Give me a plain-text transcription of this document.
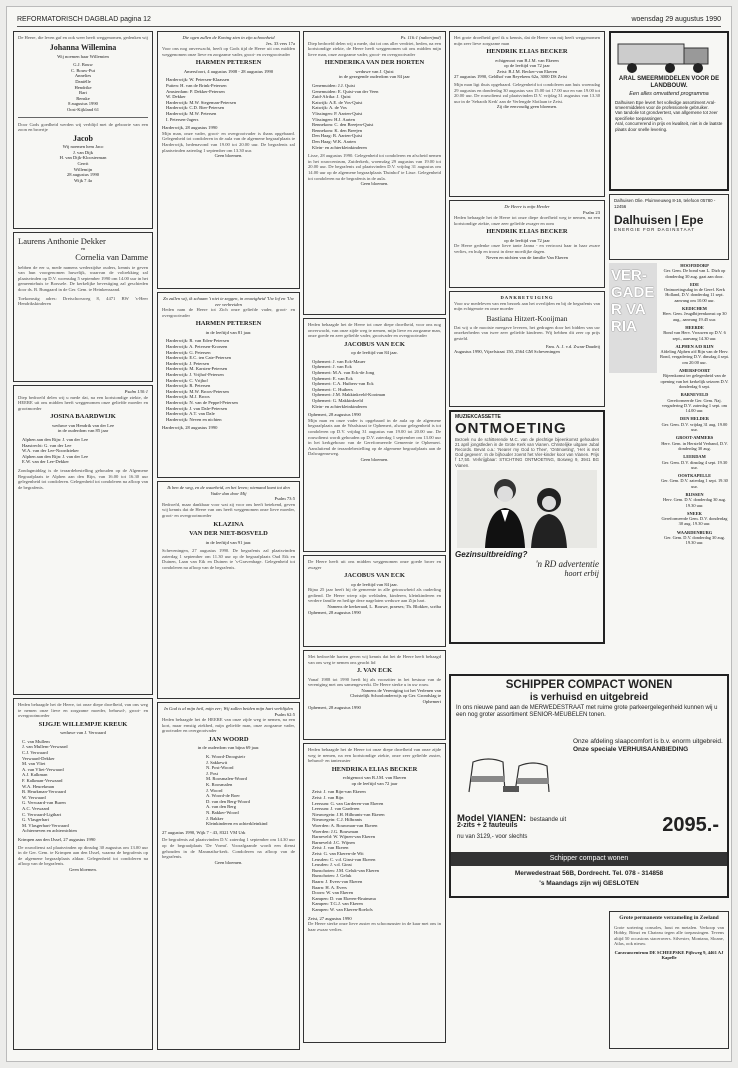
REFORMATORISCH DAGBLAD pagina 12	woensdag 29 augustus 1990
De Heere, die leven gaf en ook weer heeft weggenomen, gedenken wij
Johanna Willemina
Wij noemen haar Willemien
G.J. Bouw
C. Bouw-Put
Annelies
Daniëlle
Hendrike
Bart
Renske
8 augustus 1990
Oost-Kijkland 61
Door Gods goedheid werden wij verblijd met de geboorte van een zoon en broertje
Jacob
Wij noemen hem Jaco
J. van Dijk
H. van Dijk-Kloosterman
Gerrit
Willemijn
28 augustus 1990
Wijk 7 4a
Laurens Anthonie Dekker
en
Cornelia van Damme
hebben de eer u, mede namens wederzijdse ouders, kennis te geven van hun voorgenomen huwelijk, waarvan de voltrekking zal plaatsvinden op D.V. woensdag 5 september 1990 om 14.00 uur in het gemeentehuis te Borssele. De kerkelijke bevestiging zal geschieden door ds. B. Bungaard in de Ger. Gem. te Heinkenszand.
Toekomstig adres: Dreischorsweg 8, 4471 BW 's-Heer Hendrikskinderen
Psalm 130:1
Diep bedroefd delen wij u mede dat, na een kortstondige ziekte, de HEERE uit ons midden heeft weggenomen onze geliefde moeder en grootmoeder
JOSINA BAARDWIJK
weduwe van Hendrik van der Lee
in de ouderdom van 85 jaar
Alphen aan den Rijn: J. van der Lee
Haastrecht: G. van der Lee
W.A. van der Lee-Noordzieker
Alphen aan den Rijn: J. van der Lee
E.W. van der Lee-Dekker
Zondagmiddag is de teraardebestelling gehouden op de Algemene Begraafplaats te Alphen aan den Rijn, van 16.00 tot 16.30 uur gelegenheid tot condoleren. Gelegenheid tot condoleren na afloop van de begrafenis.
Heden behaagde het de Heere, tot onze diepe droefheid, van ons weg te nemen onze lieve en zorgzame moeder, behuwd-, groot- en overgrootmoeder
SIJGJE WILLEMPJE KREUK
weduwe van J. Verwaard
C. van Mullem
J. van Mullem-Verwaard
C.J. Verwaard
Verwaard-Dekker
M. van Vliet
A. van Vliet-Verwaard
A.J. Kalkman
F. Kalkman-Verwaard
W.A. Heurekman
B. Heurkman-Verwaard
W. Verwaard
G. Verwaard-van Buren
A.C. Verwaard
C. Verwaard-Ligthart
G. Vlasgerhart
M. Vlasgerhart-Verwaard
Achterneven en achternichten
Krimpen aan den IJssel, 27 augustus 1990
De rouwdienst zal plaatsvinden op dinsdag 30 augustus om 13.00 uur in de Ger. Gem. te Krimpen aan den IJssel, waarna de begrafenis op de algemene begraafplaats aldaar. Gelegenheid tot condoleren na afloop van de begrafenis.
Geen bloemen.
Die ogen zullen de Koning zien in zijn schoonheid
Jes. 33 vers 17a
Voor ons nog onverwacht, heeft op Gods tijd de Heere uit ons midden weggenomen onze lieve en zorgzame vader, groot- en overgrootvader
HARMEN PETERSEN
Amersfoort, 4 augustus 1908 - 28 augustus 1990
Harderwijk: W. Petersen-Klaassen
Putten: H. van de Brink-Petersen
Amsterdam: P. Dekker-Petersen
W. Dekker
Harderwijk: M.W. Stegeman-Petersen
Harderwijk: C.D. Bier-Petersen
Harderwijk: M.W. Petersen
I. Petersen-Jagers
Harderwijk, 28 augustus 1990
Mijn man, onze vader, groot- en overgrootvader is thans opgebaard. Gelegenheid tot condoleren in de aula van de algemene begraafplaats te Harderwijk, hedenavond van 19.00 tot 20.00 uur. De begrafenis zal plaatsvinden zaterdag 1 september om 13.30 uur.
Geen bloemen.
Zo zullen wij, ik schaam 't niet te zeggen, in eeuwigheid 'Uw lof en 'Uw eer verbreiden
Heden nam de Heere tot Zich onze geliefde vader, groot- en overgrootvader
HARMEN PETERSEN
in de leeftijd van 81 jaar.
Harderwijk: R. van Eden-Petersen
Harderwijk: A. Petersen-Kroezen
Harderwijk: G. Petersen
Harderwijk: E.C. ten Cate-Petersen
Harderwijk: J. Petersen
Harderwijk: M. Karsten-Petersen
Harderwijk: J. Vrijhof-Petersen
Harderwijk: C. Vrijhof
Harderwijk: R. Petersen
Harderwijk: M.W. Broos-Petersen
Harderwijk: M.J. Broos
Harderwijk: N. van de Peppel-Petersen
Harderwijk: J. van Dale-Petersen
Harderwijk: A.T. van Dale
Harderwijk: Neven en nichten
Harderwijk, 28 augustus 1990
Ik ben de weg, en de waarheid, en het leven; niemand komt tot den Vader dan door Mij
Psalm 73:5
Bedroefd, maar dankbaar voor wat zij voor ons heeft betekend, geven wij kennis dat de Heere van ons heeft weggenomen onze lieve moeder, groot- en overgrootmoeder
KLAZINA
VAN DER NIET-BOSVELD
in de leeftijd van 91 jaar.
Scheveningen, 27 augustus 1990. De begrafenis zal plaatsvinden zaterdag 1 september om 11.30 uur op de begraafplaats Oud Eik en Duinen, Laan van Eik en Duinen te 's-Gravenhage. Gelegenheid tot condoleren na afloop van de begrafenis.
In God is al mijn heil, mijn eer; Wij zullen beiden mijn hart verblijden
Psalm 62:5
Heden behaagde het de HEERE van onze zijde weg te nemen, na een kort, maar ernstig ziekbed, mijn geliefde man, onze zorgzame vader, grootvader en overgrootvader
JAN WOORD
in de ouderdom van bijna 69 jaar.
K. Woord-Droogsteir
J. Sakkewit
N. Post-Woord
J. Post
M. Roosmalen-Woord
K. Roosmalen
J. Woord
A. Woord-de Boer
D. van den Berg-Woord
A. van den Berg
N. Bakker-Woord
J. Bakker
Kleinkinderen en achterkleinkind
27 augustus 1990, Wijk 7 - 43, 8321 VM Urk
De begrafenis zal plaatsvinden D.V. zaterdag 1 september om 14.30 uur op de begraafplaats 'De Vormt'. Voorafgaande wordt een dienst gehouden in de Maranatha-kerk. Condoleren na afloop van de begrafenis.
Geen bloemen.
Ps. 116:1 (naberijmd)
Diep bedroefd delen wij u mede, dat tot ons aller verdriet, heden, na een kortstondige ziekte, de Heere heeft weggenomen uit ons midden mijn lieve man, onze zorgzame vader, groot- en overgrootvader
HENDERIKA VAN DER HORTEN
weduwe van J. Quist
in de gezegende ouderdom van 84 jaar
Genemuiden: J.J. Quist
Genemuiden: E. Quist-van der Veen
Zuid-Afrika: J. Quist
Katwijk: A.E. de Vos-Quist
Katwijk: A. de Vos
Vlissingen: P. Aarten-Quist
Vlissingen: H.J. Aarten
Bennekom: C. den Breejen-Quist
Bennekom: K. den Breejen
Den Haag: B. Aarten-Quist
Den Haag: W.K. Aarten
Klein- en achterkleinkinderen
Lisse, 28 augustus 1990. Gelegenheid tot condoleren en afscheid nemen in het rouwcentrum, Zuiderkerk, woensdag 29 augustus van 19.00 tot 20.00 uur. De begrafenis zal plaatsvinden D.V. vrijdag 31 augustus om 14.00 uur op de algemene begraafplaats 'Duinhof' te Lisse. Gelegenheid tot condoleren na de begrafenis in de aula.
Geen bloemen.
Heden behaagde het de Heere tot onze diepe droefheid, voor ons nog onverwacht, van onze zijde weg te nemen, mijn lieve en zorgzame man, onze goede en zeer geliefde vader, grootvader en overgrootvader
JACOBUS VAN ECK
op de leeftijd van 84 jaar.
Ophemert: J. van Eck-Mauer
Ophemert: J. van Eck
Ophemert: M.A. van Eck-de Jong
Ophemert: E. van Eck
Ophemert: C.A. Huibers-van Eck
Ophemert: C. Huibers
Ophemert: J.M. Makkinkveld-Kooiman
Ophemert: G. Makkinkveld
Klein- en achterkleinkinderen
Ophemert, 28 augustus 1990
Mijn man en onze vader is opgebaard in de aula op de algemene begraafplaats aan de Waalstraat te Ophemert, alwaar gelegenheid is tot condoleren op D.V. vrijdag 31 augustus van 19.00 tot 20.00 uur. De rouwdienst wordt gehouden op D.V. zaterdag 1 september om 13.00 uur in het kerkgebouw van de Gereformeerde Gemeente te Ophemert. Aansluitend de teraardebestelling op de algemene begraafplaats aan de Dalwagenseweg.
Geen bloemen.
De Heere heeft uit ons midden weggenomen onze goede broer en zwager
JACOBUS VAN ECK
op de leeftijd van 84 jaar.
Bijna 25 jaar heeft hij de gemeente in alle getrouwheid als ouderling gediend. De Heere wierp zijn weldaden, kinderen, kleinkinderen en verdere familie en heilige deze nagelaten weduwe aan Zijn hart.
Namens de kerkeraad, L. Bouwe, praeses; Th. Blokker, scriba
Ophemert, 28 augustus 1990
Met bedroefde harten geven wij kennis dat het de Heere heeft behaagd van ons weg te nemen ons geacht lid
J. VAN ECK
Vanaf 1988 tot 1990 heeft hij als voorzitter in het bestuur van de vereniging met ons samengewerkt. De Heere sterke u in uw rouw.
Namens de Vereniging tot het Verlenen van Christelijk Schoolonderwijs op Ger. Grondslag te Ophemert
Ophemert, 28 augustus 1990
Heden behaagde het de Heere tot onze diepe droefheid van onze zijde weg te nemen, na een kortstondige ziekte, onze zeer geliefde zuster, behuwd- en tantezuster
HENDRIKA ELIAS BECKER
echtgenoot van B.J.M. van Ekeren
op de leeftijd van 72 jaar
Zeist: J. van Rijn-van Ekeren
Zeist: J. van Rijn
Leersum: G. van Garderen-van Ekeren
Leersum: J. van Garderen
Nieuwegein: J.H. Hilbrants-van Ekeren
Nieuwegein: C.J. Hilbrants
Woerden: A. Bouwman-van Ekeren
Woerden: J.G. Bouwman
Barneveld: W. Wijnen-van Ekeren
Barneveld: J.C. Wijnen
Zeist: J. van Ekeren
Zeist: G. van Ekeren-de Wit
Leusden: C. v.d. Ginst-van Ekeren
Leusden: J. v.d. Ginst
Bunschoten: J.M. Geluk-van Ekeren
Bunschoten: J. Geluk
Baarn: J. Evers-van Ekeren
Baarn: H. A. Evers
Doorn: W. van Ekeren
Kampen: D. van Ekeren-Bruinsma
Kampen: T.G.J. van Ekeren
Kampen: W. van Ekeren-Roelofs
Zeist, 27 augustus 1990
De Heere sterke onze lieve zuster en schoonzuster in de kaar met ons in haar zwaar verlies.
Het grote droefheid geef ik u kennis, dat de Heere van mij heeft weggenomen mijn zeer lieve zorgzame man
HENDRIK ELIAS BECKER
echtgenoot van B.J.M. van Ekeren
op de leeftijd van 72 jaar
Zeist: B.J.M. Becker-van Ekeren
27 augustus 1990, Geldhof van Reyekens 62a, 3000 DS Zeist
Mijn man ligt thuis opgebaard. Gelegenheid tot condoleren aan huis woensdag 29 augustus en donderdag 30 augustus van 15.00 tot 17.00 uur en van 19.00 tot 20.00 uur. De rouwdienst zal plaatsvinden D.V. vrijdag 31 augustus van 13.30 uur in de 'Sebaoth Kerk' aan de Verlengde Slotlaan te Zeist.
Zij die eenvoudig geen bloemen.
De Heere is mijn Herder
Psalm 23
Heden behaagde het de Heere tot onze diepe droefheid weg te nemen, na een kortstondige ziekte, onze zeer geliefde zwager en oom
HENDRIK ELIAS BECKER
op de leeftijd van 72 jaar
De Heere gedenke onze lieve tante Janna - en vertroost haar in haar zware verlies, en hulp en troost in deze moeilijke dagen.
Neven en nichten van de familie Van Ekeren
DANKBETUIGING
Voor uw medeleven van een bezoek aan het overlijden en bij de begrafenis van mijn echtgenote en onze moeder
Bastiana Hitzert-Kooijman
Dat wij u de mooiste meegave leveren, het gedragen door het bidden van uw onzekerheden van twee zeer geliefde kinderen. Wij hebben dit zeer op prijs gesteld.
Fam. A. J. v.d. Zwan-Daudeij
Augustus 1990, Vijzelstraat 150, 2564 GM Scheveningen
MUZIEKCASSETTE
ONTMOETING
Bezoek nu de schitterende M.C. van de plechtige bijeenkomst gehouden 21 april jongstleden in de Grote Kerk van Vianen. Christelijke uitgave Jubal Records. Bevat o.a.: 'Nearer my God to Thee', 'Ontmoeting', 'Het is met God gegeven'. In de bijhouder zoemt het Vier-kinder koor van Vianen. Prijs f 17,50. Verkrijgbaar: STICHTING ONTMOETING, Bosweg 9, 3941 BG Vianen.
Gezinsuitbreiding?
'n RD advertentie
hoort erbij
SCHIPPER COMPACT WONEN
is verhuisd en uitgebreid
In ons nieuwe pand aan de MERWEDESTRAAT met ruime grote parkeergelegenheid kunnen wij u een nog groter assortiment SENIOR-MEUBELEN tonen.
Onze afdeling slaapcomfort is b.v. enorm uitgebreid.
Onze speciale VERHUISAANBIEDING
Model VIANEN: bestaande uit
2-zits + 2 fauteuils
nu van 3129,- voor slechts
2095.-
Schipper compact wonen
Merwedestraat 56B, Dordrecht. Tel. 078 - 314858
's Maandags zijn wij GESLOTEN
ARAL SMEERMIDDELEN VOOR DE LANDBOUW.
Een alles omvattend programma
Dalhuisen Epe levert het volledige assortiment Aral-smeermiddelen voor de professionele gebruiker.
Van tandolie tot grondvertest, van allgemene tot zeer specifieke toepassingen.
Aral, concurrerend in prijs en kwaliteit, niet in de laatste plaats door snelle levering.
Dalhuisen Olie. Pluimveuweg 8-16, telefoon 05780 - 12456
Dalhuisen | Epe
ENERGIE FOR DAGINSTAAT
VER-GADER VARIA
HOOFDDORP
Ger. Gem. De bond van L. Dizh op donderdag 30 aug. gaat aan door.
EDE
Ontmoetingsdag in de Geref. Kerk Holland, D.V. donderdag 11 sept. aanvang om 10.00 uur.
KEDICHEM
Herv. Gem. Jeugdbijeenkomst op 30 aug., aanvang 19.45 uur.
HEERDE
Bond van Herv. Vrouwen op D.V. 6 sept., aanvang 14.30 uur.
ALPHEN A/D RIJN
Afdeling Alphen a/d Rijn van de Herv. Bond, vergadering D.V. dinsdag 4 sept. om 20.00 uur.
AMERSFOORT
Bijeenkomst ter gelegenheid van de opening van het kerkelijk seizoen D.V. donderdag 6 sept.
BARNEVELD
Gereformeerde Ger. Gem. Naj. vergadering D.V. zaterdag 1 sept. om 14.00 uur.
DEN HELDER
Ger. Gem. D.V. vrijdag 31 aug. 19.00 uur.
GROOT-AMMERS
Herv. Gem. in Hersteld Verband, D.V. donderdag 30 aug.
LEERDAM
Ger. Gem. D.V. dinsdag 4 sept. 19.30 uur.
OOSTKAPELLE
Ger. Gem. D.V. zaterdag 1 sept. 19.30 uur.
RIJSSEN
Herv. Gem. D.V. donderdag 30 aug. 19.30 uur.
SNEEK
Gereformeerde Gem. D.V. donderdag 30 aug. 19.30 uur.
WAARDENBURG
Ger. Gem. D.V. donderdag 30 aug. 19.30 uur.
Grote permanente verzameling in Zeeland
Grote sortering consoles, hout en metalen. Verkoop van Hobby, Bönzi en Chateau tegen alle toepassingen. Tevens altijd 50 occasions staceravers. Silvester, Montana, Sloane, Atlas, ook nieuw.
Caravancentrum DE SCHEEPSKE Pijlsweg 9, 4461 AJ Kapelle
